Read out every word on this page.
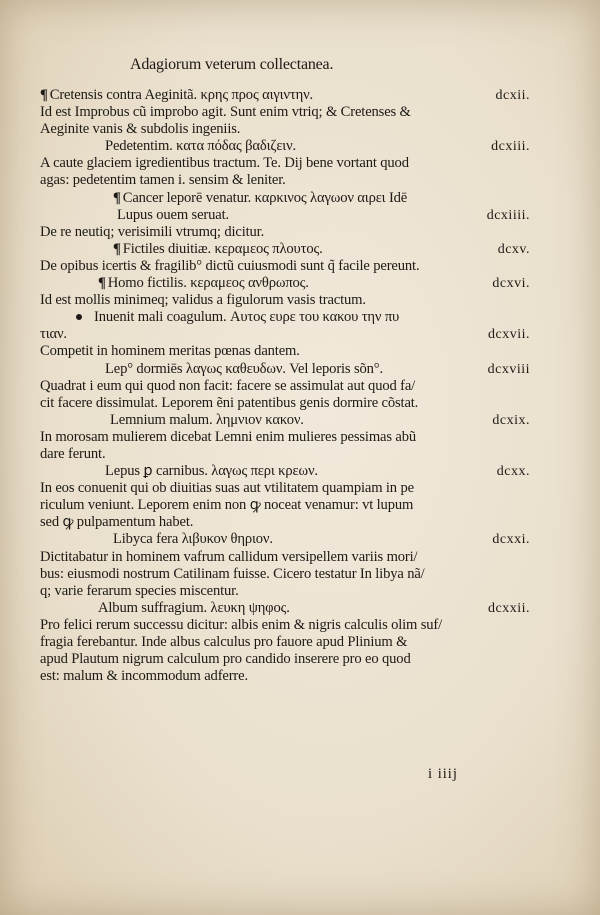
Adagiorum veterum collectanea.
¶ Cretensis contra Aeginitã. κρης προς αιγιντην.	dcxii.
Id est Improbus cũ improbo agit. Sunt enim vtriq; & Cretenses &
Aeginite vanis & subdolis ingeniis.
Pedetentim. κατα πόδας βαδιζειν.	dcxiii.
A caute glaciem igredientibus tractum. Te. Dij bene vortant quod
agas: pedetentim tamen i. sensim & leniter.
¶ Cancer leporē venatur. καρκινος λαγωον αιρει Idē
Lupus ouem seruat.	dcxiiii.
De re neutiq; verisimili vtrumq; dicitur.
¶ Fictiles diuitiæ. κεραμεος πλουτος.	dcxv.
De opibus icertis & fragilib° dictũ cuiusmodi sunt q̃ facile pereunt.
¶ Homo fictilis. κεραμεος ανθρωπος.	dcxvi.
Id est mollis minimeq; validus a figulorum vasis tractum.
Inuenit mali coagulum. Αυτος ευρε του κακου την πυ
τιαν.	dcxvii.
Competit in hominem meritas pœnas dantem.
Lep° dormiēs λαγως καθευδων. Vel leporis sõn°.	dcxviii
Quadrat i eum qui quod non facit: facere se assimulat aut quod fa/
cit facere dissimulat. Leporem ẽni patentibus genis dormire cõstat.
Lemnium malum. λημνιον κακον.	dcxix.
In morosam mulierem dicebat Lemni enim mulieres pessimas abũ
dare ferunt.
Lepus ꝑ carnibus. λαγως περι κρεων.	dcxx.
In eos conuenit qui ob diuitias suas aut vtilitatem quampiam in pe
riculum veniunt. Leporem enim non ꝙ noceat venamur: vt lupum
sed ꝙ pulpamentum habet.
Libyca fera λιβυκον θηριον.	dcxxi.
Dictitabatur in hominem vafrum callidum versipellem variis mori/
bus: eiusmodi nostrum Catilinam fuisse. Cicero testatur In libya nã/
q; varie ferarum species miscentur.
Album suffragium. λευκη ψηφος.	dcxxii.
Pro felici rerum successu dicitur: albis enim & nigris calculis olim suf/
fragia ferebantur. Inde albus calculus pro fauore apud Plinium &
apud Plautum nigrum calculum pro candido inserere pro eo quod
est: malum & incommodum adferre.
i iiij
